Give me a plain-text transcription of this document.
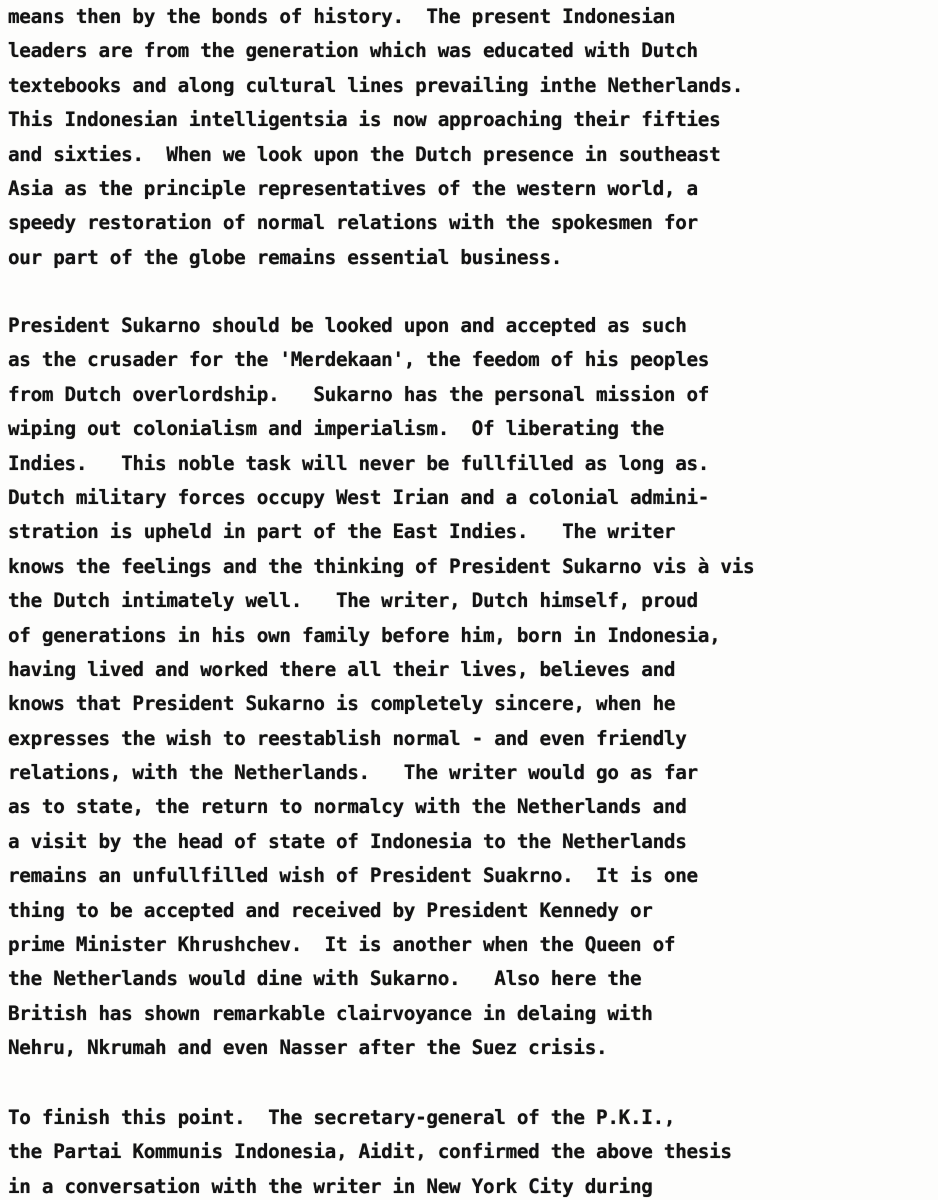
means then by the bonds of history.  The present Indonesian
leaders are from the generation which was educated with Dutch
textebooks and along cultural lines prevailing inthe Netherlands.
This Indonesian intelligentsia is now approaching their fifties
and sixties.  When we look upon the Dutch presence in southeast
Asia as the principle representatives of the western world, a
speedy restoration of normal relations with the spokesmen for
our part of the globe remains essential business.
President Sukarno should be looked upon and accepted as such
as the crusader for the 'Merdekaan', the feedom of his peoples
from Dutch overlordship.   Sukarno has the personal mission of
wiping out colonialism and imperialism.  Of liberating the
Indies.   This noble task will never be fullfilled as long as.
Dutch military forces occupy West Irian and a colonial admini-
stration is upheld in part of the East Indies.   The writer
knows the feelings and the thinking of President Sukarno vis à vis
the Dutch intimately well.   The writer, Dutch himself, proud
of generations in his own family before him, born in Indonesia,
having lived and worked there all their lives, believes and
knows that President Sukarno is completely sincere, when he
expresses the wish to reestablish normal - and even friendly
relations, with the Netherlands.   The writer would go as far
as to state, the return to normalcy with the Netherlands and
a visit by the head of state of Indonesia to the Netherlands
remains an unfullfilled wish of President Suakrno.  It is one
thing to be accepted and received by President Kennedy or
prime Minister Khrushchev.  It is another when the Queen of
the Netherlands would dine with Sukarno.   Also here the
British has shown remarkable clairvoyance in delaing with
Nehru, Nkrumah and even Nasser after the Suez crisis.
To finish this point.  The secretary-general of the P.K.I.,
the Partai Kommunis Indonesia, Aidit, confirmed the above thesis
in a conversation with the writer in New York City during
